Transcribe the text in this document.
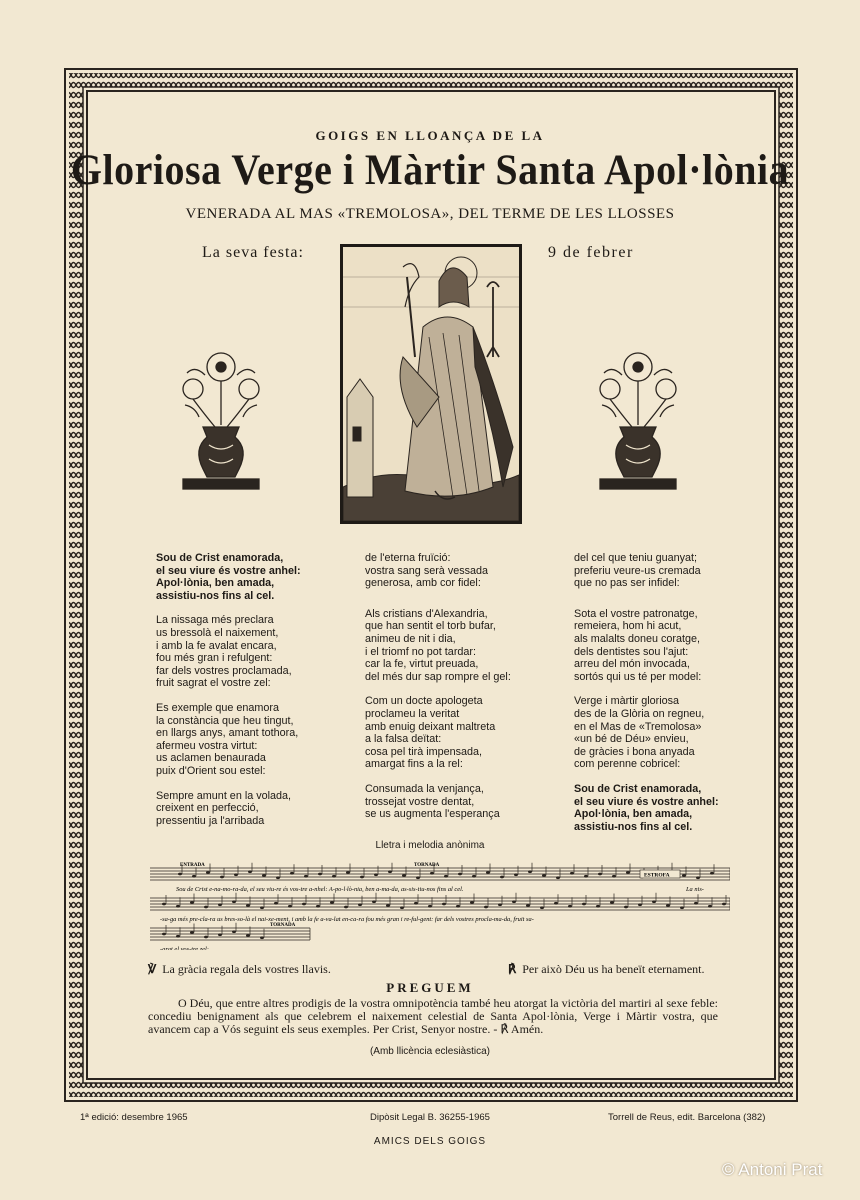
GOIGS EN LLOANÇA DE LA
Gloriosa Verge i Màrtir Santa Apol·lònia
VENERADA AL MAS «TREMOLOSA», DEL TERME DE LES LLOSSES
La seva festa:	9 de febrer

Sou de Crist enamorada,
el seu viure és vostre anhel:
Apol·lònia, ben amada,
assistiu-nos fins al cel.

La nissaga més preclara
us bressolà el naixement,
i amb la fe avalat encara,
fou més gran i refulgent:
far dels vostres proclamada,
fruit sagrat el vostre zel:

Es exemple que enamora
la constància que heu tingut,
en llargs anys, amant tothora,
afermeu vostra virtut:
us aclamen benaurada
puix d'Orient sou estel:

Sempre amunt en la volada,
creixent en perfecció,
pressentiu ja l'arribada

de l'eterna fruïció:
vostra sang serà vessada
generosa, amb cor fidel:

Als cristians d'Alexandria,
que han sentit el torb bufar,
animeu de nit i dia,
i el triomf no pot tardar:
car la fe, virtut preuada,
del més dur sap rompre el gel:

Com un docte apologeta
proclameu la veritat
amb enuig deixant maltreta
a la falsa deïtat:
cosa pel tirà impensada,
amargat fins a la rel:

Consumada la venjança,
trossejat vostre dentat,
se us augmenta l'esperança

del cel que teniu guanyat;
preferiu veure-us cremada
que no pas ser infidel:

Sota el vostre patronatge,
remeiera, hom hi acut,
als malalts doneu coratge,
dels dentistes sou l'ajut:
arreu del món invocada,
sortós qui us té per model:

Verge i màrtir gloriosa
des de la Glòria on regneu,
en el Mas de «Tremolosa»
«un bé de Déu» envieu,
de gràcies i bona anyada
com perenne cobricel:

Sou de Crist enamorada,
el seu viure és vostre anhel:
Apol·lònia, ben amada,
assistiu-nos fins al cel.

Lletra i melodia anònima
ENTRADA	TORNADA
ESTROFA
TORNADA
Sou de Crist e-na-mo-ra-da, el seu viu-re és vos-tre a-nhel: A-po-l·lò-nia, ben a-ma-da, as-sis-tiu-nos fins al cel.	La nis-
-sa-ga més pre-cla-ra us bres-so-là el nai-xe-ment, i amb la fe a-va-lat en-ca-ra fou més gran i re-ful-gent: far dels vostres procla-ma-da, fruit sa-
-grat el vos-tre zel:
℣ La gràcia regala dels vostres llavis.	℟ Per això Déu us ha beneït eternament.
PREGUEM
O Déu, que entre altres prodigis de la vostra omnipotència també heu atorgat la victòria del martiri al sexe feble: concediu benignament als que celebrem el naixement celestial de Santa Apol·lònia, Verge i Màrtir vostra, que avancem cap a Vós seguint els seus exemples. Per Crist, Senyor nostre. - ℟ Amén.
(Amb llicència eclesiàstica)
1ª edició: desembre 1965	Dipòsit Legal B. 36255-1965	Torrell de Reus, edit. Barcelona (382)
AMICS DELS GOIGS
© Antoni Prat
